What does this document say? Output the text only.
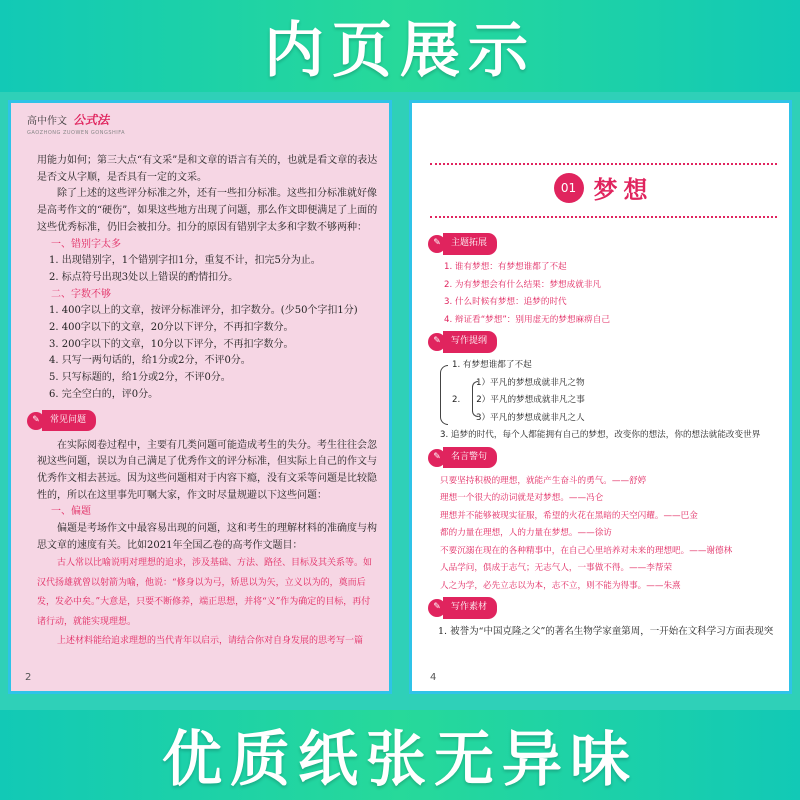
内页展示
高中作文 公式法
GAOZHONG ZUOWEN GONGSHIFA

用能力如何；第三大点“有文采”是和文章的语言有关的，也就是看文章的表达是否文从字顺，是否具有一定的文采。

除了上述的这些评分标准之外，还有一些扣分标准。这些扣分标准就好像是高考作文的“硬伤”，如果这些地方出现了问题，那么作文即便满足了上面的这些优秀标准，仍旧会被扣分。扣分的原因有错别字太多和字数不够两种：

一、错别字太多

1. 出现错别字，1个错别字扣1分，重复不计，扣完5分为止。

2. 标点符号出现3处以上错误的酌情扣分。

二、字数不够

1. 400字以上的文章，按评分标准评分，扣字数分。(少50个字扣1分)

2. 400字以下的文章，20分以下评分，不再扣字数分。

3. 200字以下的文章，10分以下评分，不再扣字数分。

4. 只写一两句话的，给1分或2分，不评0分。

5. 只写标题的，给1分或2分，不评0分。

6. 完全空白的，评0分。

✎	常见问题

在实际阅卷过程中，主要有几类问题可能造成考生的失分。考生往往会忽视这些问题，误以为自己满足了优秀作文的评分标准，但实际上自己的作文与优秀作文相去甚远。因为这些问题相对于内容下瘾，没有文采等问题是比较隐性的，所以在这里事先叮嘱大家，作文时尽量规避以下这些问题：

一、偏题

偏题是考场作文中最容易出现的问题，这和考生的理解材料的准确度与构思文章的速度有关。比如2021年全国乙卷的高考作文题目：

古人常以比喻说明对理想的追求，涉及基础、方法、路径、目标及其关系等。如汉代扬雄就曾以射箭为喻，他说：“修身以为弓，矫思以为矢，立义以为的，奠而后发，发必中矣。”大意是，只要不断修养，端正思想，并将“义”作为确定的目标，再付诸行动，就能实现理想。

上述材料能给追求理想的当代青年以启示，请结合你对自身发展的思考写一篇

2
01 梦想
✎	主题拓展

1. 谁有梦想：有梦想谁都了不起

2. 为有梦想会有什么结果：梦想成就非凡

3. 什么时候有梦想：追梦的时代

4. 辩证看“梦想”：别用虚无的梦想麻痹自己

✎	写作提纲

1. 有梦想谁都了不起

1）平凡的梦想成就非凡之物

2. 2）平凡的梦想成就非凡之事

3）平凡的梦想成就非凡之人

3. 追梦的时代，每个人都能拥有自己的梦想，改变你的想法，你的想法就能改变世界

✎	名言警句

只要坚持积极的理想，就能产生奋斗的勇气。——舒婷

理想一个很大的动词就是对梦想。——冯仑

理想并不能够被现实征服，希望的火花在黑暗的天空闪耀。——巴金

都的力量在理想，人的力量在梦想。——徐访

不要沉溺在现在的各种精事中，在自己心里培养对未来的理想吧。——谢德林

人品学问，俱成于志气；无志气人，一事做不得。——李帮荣

人之为学，必先立志以为本，志不立，则不能为得事。——朱熹

✎	写作素材

1. 被誉为“中国克隆之父”的著名生物学家童第周，一开始在文科学习方面表现突

4
优质纸张无异味
